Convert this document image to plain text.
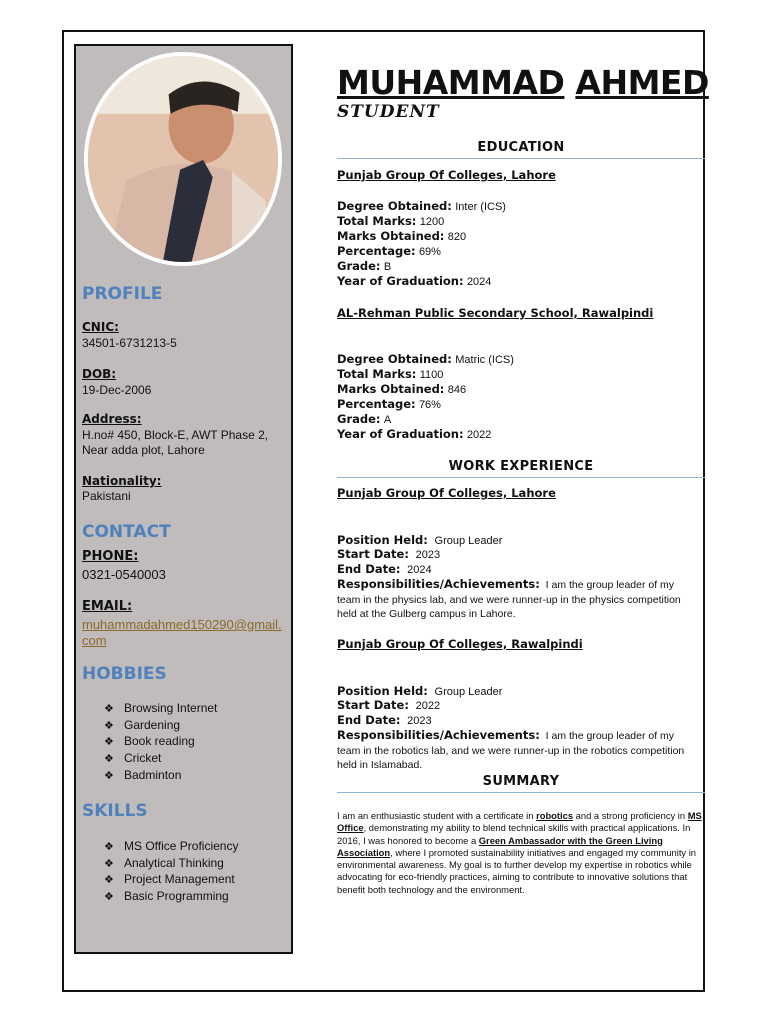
PROFILE
CNIC:
34501-6731213-5
DOB:
19-Dec-2006
Address:
H.no# 450, Block-E, AWT Phase 2, Near adda plot, Lahore
Nationality:
Pakistani
CONTACT
PHONE:
0321-0540003
EMAIL:
muhammadahmed150290@gmail.com
HOBBIES
❖ Browsing Internet
❖ Gardening
❖ Book reading
❖ Cricket
❖ Badminton
SKILLS
❖ MS Office Proficiency
❖ Analytical Thinking
❖ Project Management
❖ Basic Programming
MUHAMMAD AHMED
STUDENT
EDUCATION
Punjab Group Of Colleges, Lahore
Degree Obtained: Inter (ICS)
Total Marks: 1200
Marks Obtained: 820
Percentage: 69%
Grade: B
Year of Graduation: 2024
AL-Rehman Public Secondary School, Rawalpindi
Degree Obtained: Matric (ICS)
Total Marks: 1100
Marks Obtained: 846
Percentage: 76%
Grade: A
Year of Graduation: 2022
WORK EXPERIENCE
Punjab Group Of Colleges, Lahore
Position Held: Group Leader
Start Date: 2023
End Date: 2024
Responsibilities/Achievements: I am the group leader of my team in the physics lab, and we were runner-up in the physics competition held at the Gulberg campus in Lahore.
Punjab Group Of Colleges, Rawalpindi
Position Held: Group Leader
Start Date: 2022
End Date: 2023
Responsibilities/Achievements: I am the group leader of my team in the robotics lab, and we were runner-up in the robotics competition held in Islamabad.
SUMMARY
I am an enthusiastic student with a certificate in robotics and a strong proficiency in MS Office, demonstrating my ability to blend technical skills with practical applications. In 2016, I was honored to become a Green Ambassador with the Green Living Association, where I promoted sustainability initiatives and engaged my community in environmental awareness. My goal is to further develop my expertise in robotics while advocating for eco-friendly practices, aiming to contribute to innovative solutions that benefit both technology and the environment.
